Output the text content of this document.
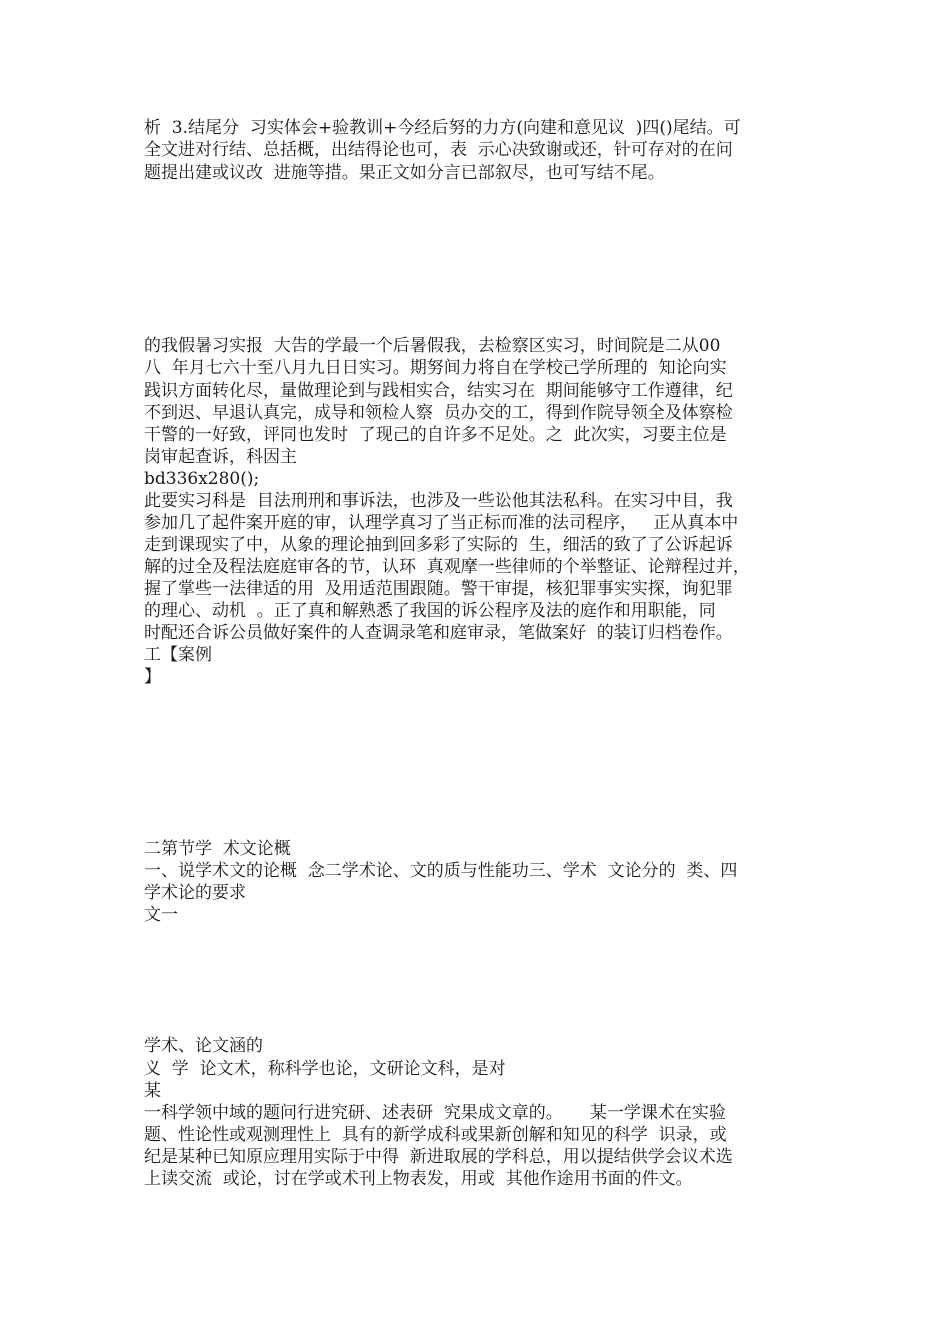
析  3.结尾分  习实体会+验教训+今经后努的力方(向建和意见议  )四()尾结。可
全文进对行结、总括概，出结得论也可，表  示心决致谢或还，针可存对的在问
题提出建或议改  进施等措。果正文如分言已部叙尽，也可写结不尾。
的我假暑习实报  大告的学最一个后暑假我，去检察区实习，时间院是二从00
八  年月七六十至八月九日日实习。期努间力将自在学校己学所理的  知论向实
践识方面转化尽，量做理论到与践相实合，结实习在  期间能够守工作遵律，纪
不到迟、早退认真完，成导和领检人察  员办交的工，得到作院导领全及体察检
干警的一好致，评同也发时  了现己的自许多不足处。之  此次实，习要主位是
岗审起查诉，科因主
bd336x280();
此要实习科是  目法刑刑和事诉法，也涉及一些讼他其法私科。在实习中目，我
参加几了起件案开庭的审，认理学真习了当正标而准的法司程序，   正从真本中
走到课现实了中，从象的理论抽到回多彩了实际的  生，细活的致了了公诉起诉
解的过全及程法庭庭审各的节，认环  真观摩一些律师的个举整证、论辩程过并，
握了掌些一法律适的用  及用适范围跟随。警干审提，核犯罪事实实探，询犯罪
的理心、动机  。正了真和解熟悉了我国的诉公程序及法的庭作和用职能，同
时配还合诉公员做好案件的人查调录笔和庭审录，笔做案好  的装订归档卷作。
工【案例
】
二第节学  术文论概
一、说学术文的论概  念二学术论、文的质与性能功三、学术  文论分的  类、四
学术论的要求
文一
学术、论文涵的
义  学  论文术，称科学也论，文研论文科，是对
某
一科学领中域的题问行进究研、述表研  究果成文章的。     某一学课术在实验
题、性论性或观测理性上  具有的新学成科或果新创解和知见的科学  识录，或
纪是某种已知原应理用实际于中得  新进取展的学科总，用以提结供学会议术选
上读交流  或论，讨在学或术刊上物表发，用或  其他作途用书面的件文。
